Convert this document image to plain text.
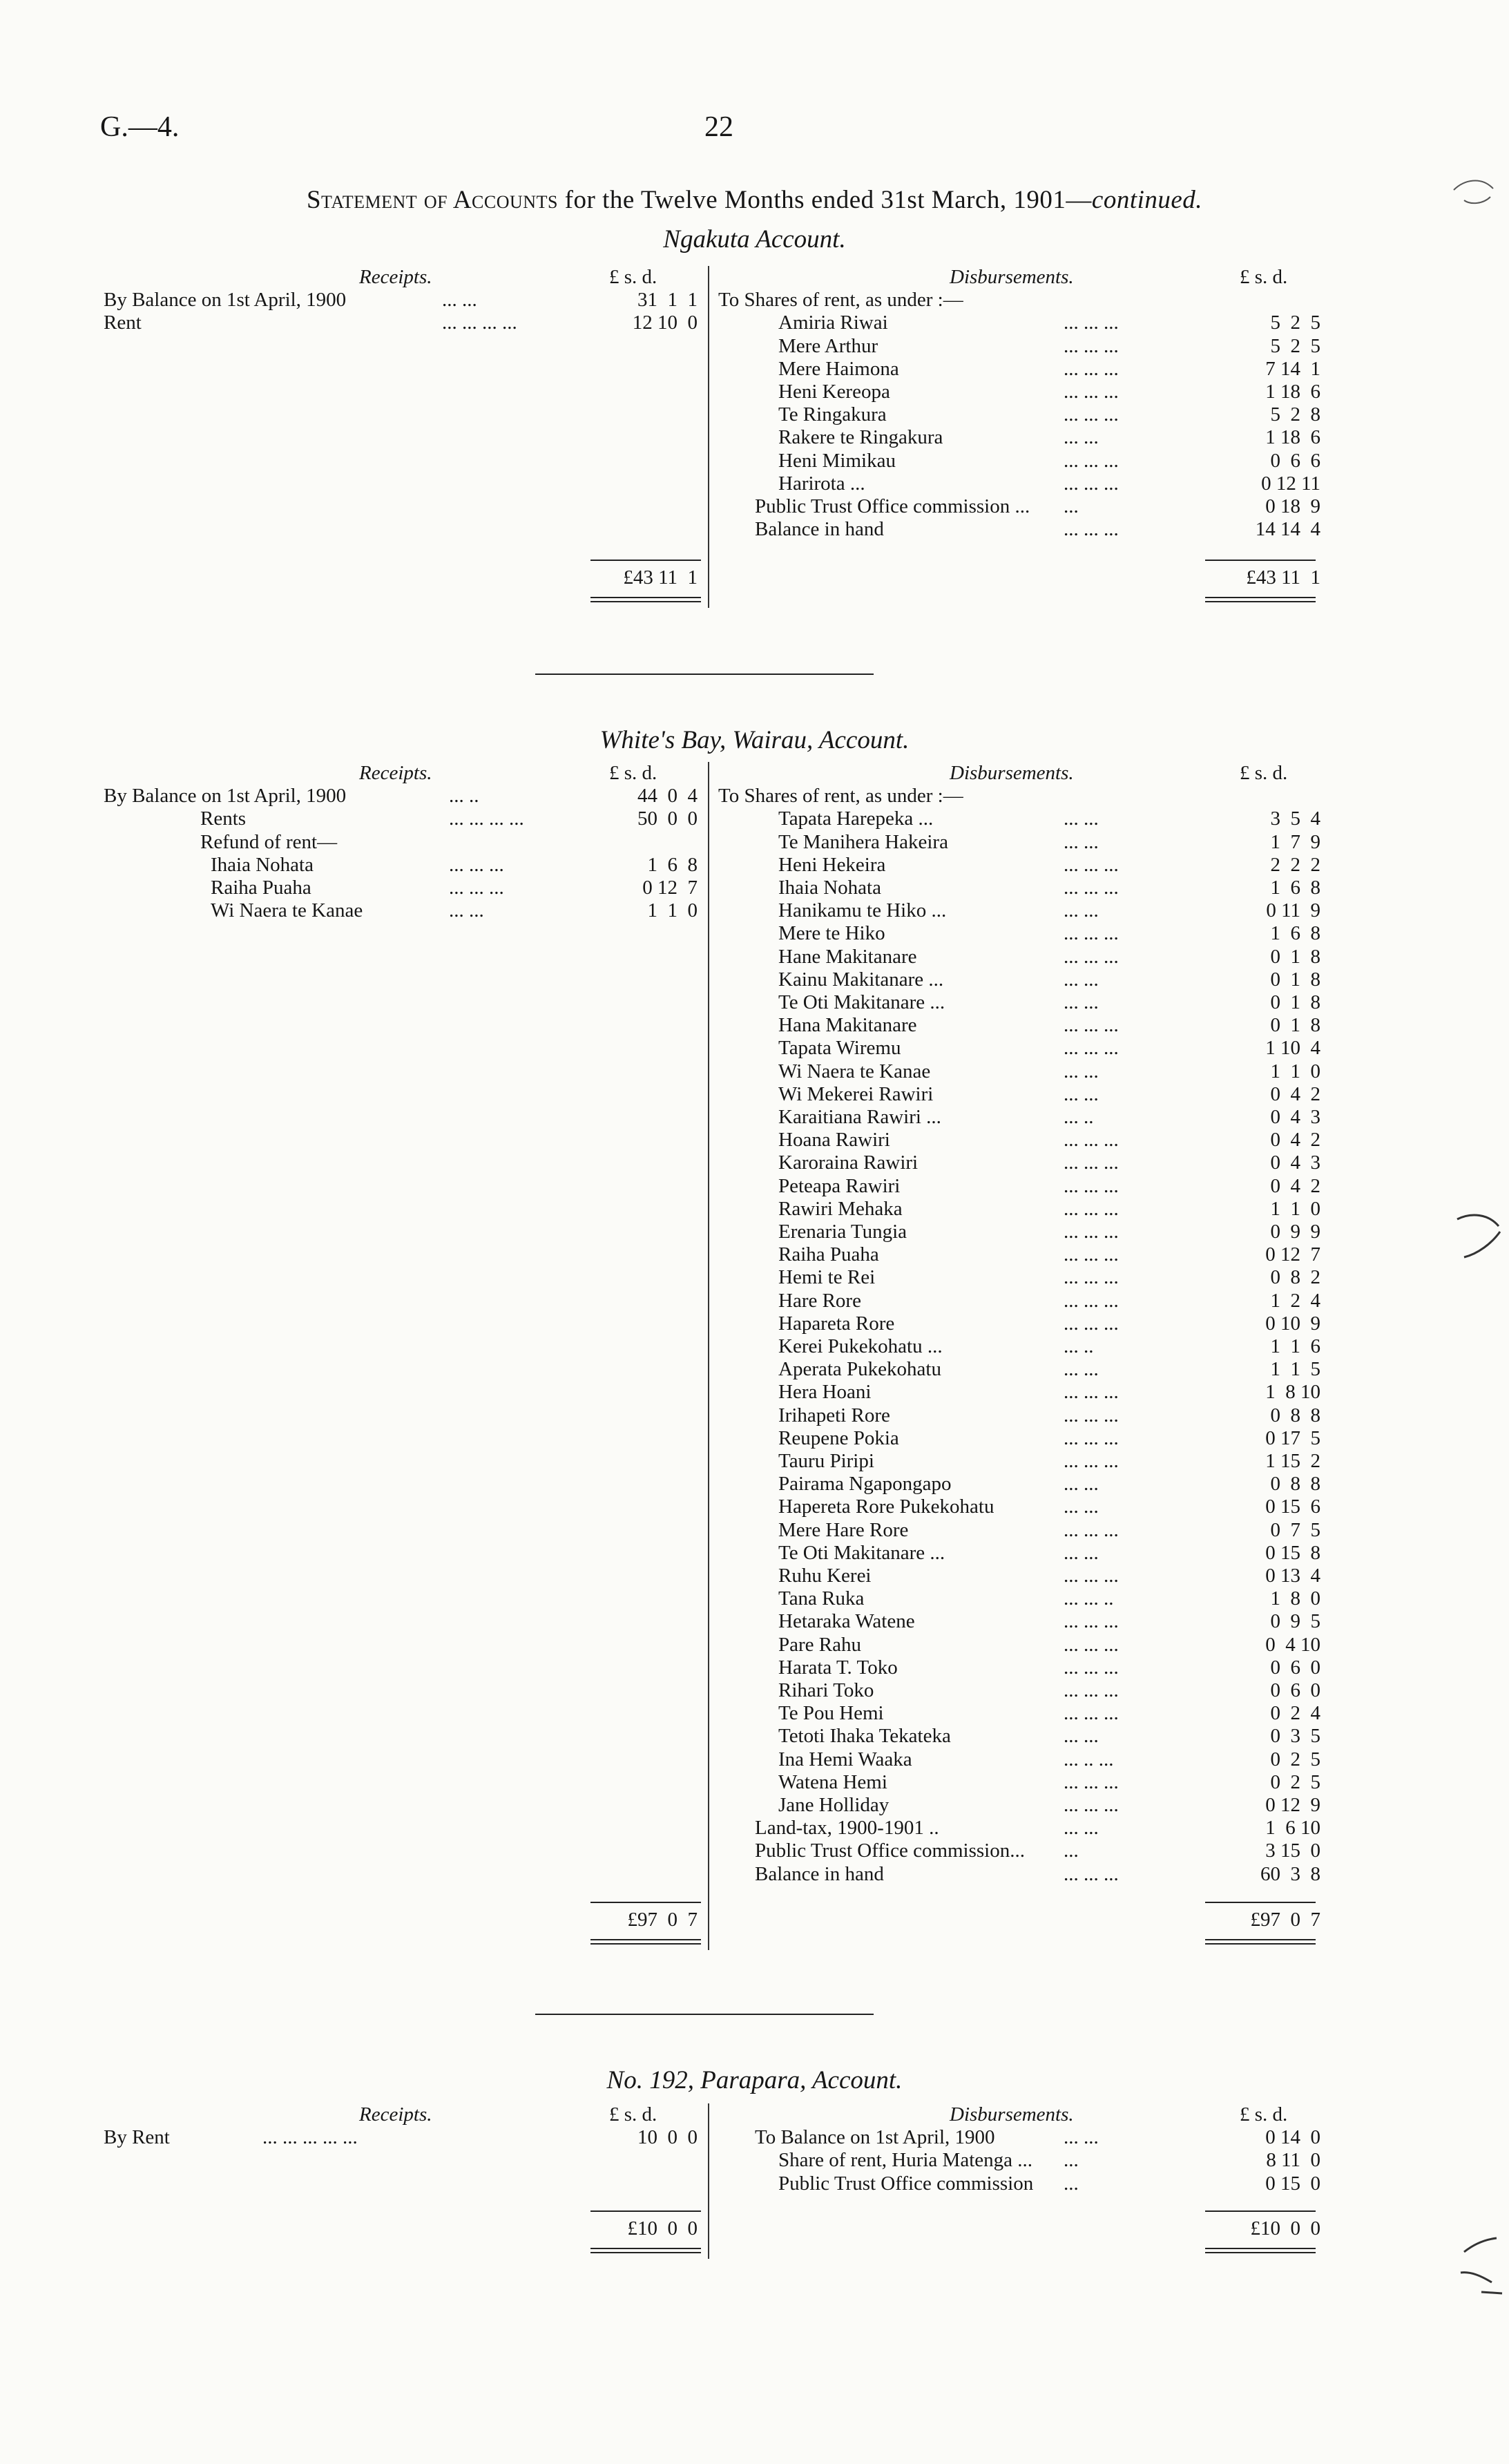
G.—4.	22
Statement of Accounts for the Twelve Months ended 31st March, 1901—continued.
Ngakuta Account.
Receipts.	£ s. d.	Disbursements.	£ s. d.
By Balance on 1st April, 1900	... ...	31  1  1
Rent	... ... ... ...	12 10  0
To Shares of rent, as under :—
Amiria Riwai	... ... ...	5  2  5
Mere Arthur	... ... ...	5  2  5
Mere Haimona	... ... ...	7 14  1
Heni Kereopa	... ... ...	1 18  6
Te Ringakura	... ... ...	5  2  8
Rakere te Ringakura	... ...	1 18  6
Heni Mimikau	... ... ...	0  6  6
Harirota ...	... ... ...	0 12 11
Public Trust Office commission ... ...	0 18  9
Balance in hand	... ... ...	14 14  4
£43 11  1	£43 11  1
White's Bay, Wairau, Account.
Receipts.	£ s. d.	Disbursements.	£ s. d.
By Balance on 1st April, 1900	... ..	44  0  4
Rents	... ... ... ...	50  0  0
Refund of rent—
Ihaia Nohata	... ... ...	1  6  8
Raiha Puaha	... ... ...	0 12  7
Wi Naera te Kanae	... ...	1  1  0
To Shares of rent, as under :—
Tapata Harepeka ...	... ...	3  5  4
Te Manihera Hakeira	... ...	1  7  9
Heni Hekeira	... ... ...	2  2  2
Ihaia Nohata	... ... ...	1  6  8
Hanikamu te Hiko ...	... ...	0 11  9
Mere te Hiko	... ... ...	1  6  8
Hane Makitanare	... ... ...	0  1  8
Kainu Makitanare ...	... ...	0  1  8
Te Oti Makitanare ...	... ...	0  1  8
Hana Makitanare	... ... ...	0  1  8
Tapata Wiremu	... ... ...	1 10  4
Wi Naera te Kanae	... ...	1  1  0
Wi Mekerei Rawiri	... ...	0  4  2
Karaitiana Rawiri ...	... ..	0  4  3
Hoana Rawiri	... ... ...	0  4  2
Karoraina Rawiri	... ... ...	0  4  3
Peteapa Rawiri	... ... ...	0  4  2
Rawiri Mehaka	... ... ...	1  1  0
Erenaria Tungia	... ... ...	0  9  9
Raiha Puaha	... ... ...	0 12  7
Hemi te Rei	... ... ...	0  8  2
Hare Rore	... ... ...	1  2  4
Hapareta Rore	... ... ...	0 10  9
Kerei Pukekohatu ...	... ..	1  1  6
Aperata Pukekohatu	... ...	1  1  5
Hera Hoani	... ... ...	1  8 10
Irihapeti Rore	... ... ...	0  8  8
Reupene Pokia	... ... ...	0 17  5
Tauru Piripi	... ... ...	1 15  2
Pairama Ngapongapo	... ...	0  8  8
Hapereta Rore Pukekohatu	... ...	0 15  6
Mere Hare Rore	... ... ...	0  7  5
Te Oti Makitanare ...	... ...	0 15  8
Ruhu Kerei	... ... ...	0 13  4
Tana Ruka	... ... ..	1  8  0
Hetaraka Watene	... ... ...	0  9  5
Pare Rahu	... ... ...	0  4 10
Harata T. Toko	... ... ...	0  6  0
Rihari Toko	... ... ...	0  6  0
Te Pou Hemi	... ... ...	0  2  4
Tetoti Ihaka Tekateka	... ...	0  3  5
Ina Hemi Waaka	... .. ...	0  2  5
Watena Hemi	... ... ...	0  2  5
Jane Holliday	... ... ...	0 12  9
Land-tax, 1900-1901 ..	... ...	1  6 10
Public Trust Office commission... ...	3 15  0
Balance in hand	... ... ...	60  3  8
£97  0  7	£97  0  7
No. 192, Parapara, Account.
Receipts.	£ s. d.	Disbursements.	£ s. d.
By Rent	... ... ... ... ...	10  0  0	To Balance on 1st April, 1900	... ...	0 14  0
Share of rent, Huria Matenga ... ...	8 11  0
Public Trust Office commission ...	0 15  0
£10  0  0	£10  0  0
